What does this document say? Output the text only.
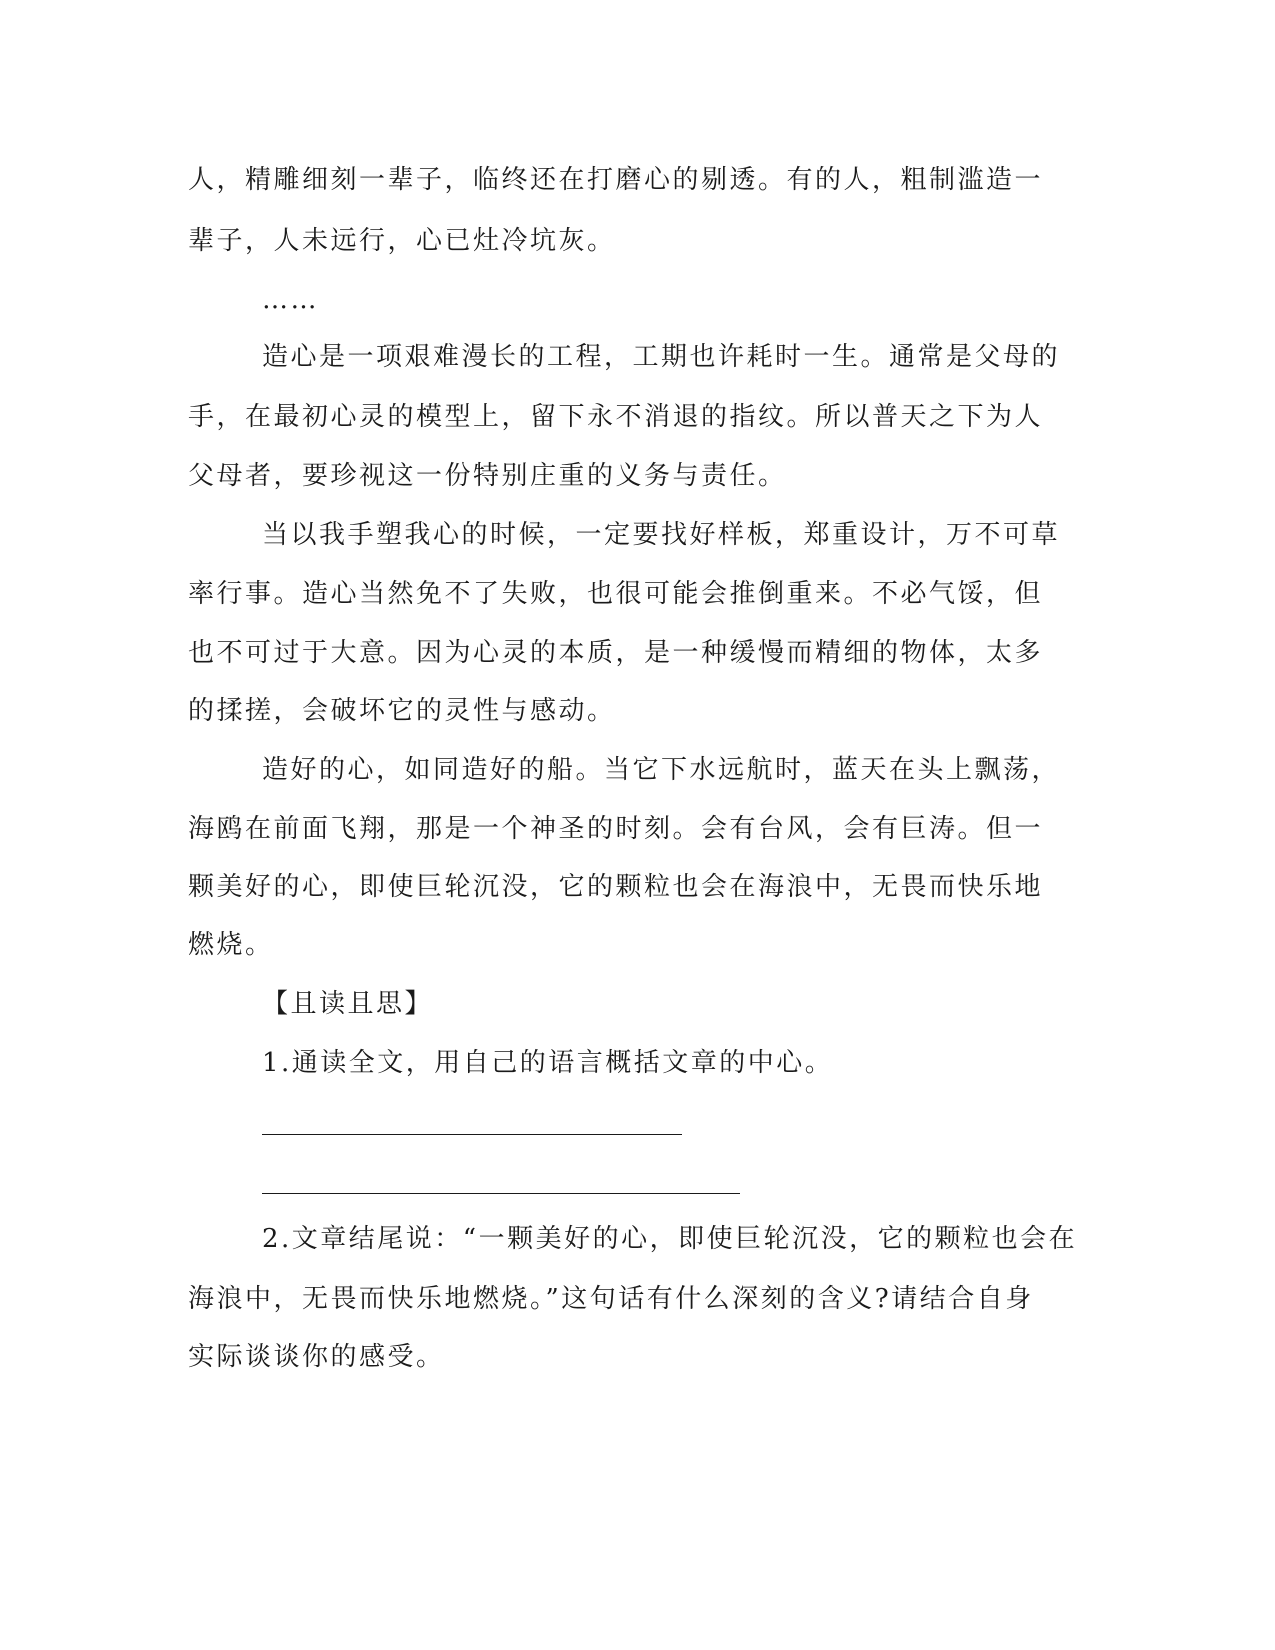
人，精雕细刻一辈子，临终还在打磨心的剔透。有的人，粗制滥造一
辈子，人未远行，心已灶冷坑灰。
……
造心是一项艰难漫长的工程，工期也许耗时一生。通常是父母的
手，在最初心灵的模型上，留下永不消退的指纹。所以普天之下为人
父母者，要珍视这一份特别庄重的义务与责任。
当以我手塑我心的时候，一定要找好样板，郑重设计，万不可草
率行事。造心当然免不了失败，也很可能会推倒重来。不必气馁，但
也不可过于大意。因为心灵的本质，是一种缓慢而精细的物体，太多
的揉搓，会破坏它的灵性与感动。
造好的心，如同造好的船。当它下水远航时，蓝天在头上飘荡，
海鸥在前面飞翔，那是一个神圣的时刻。会有台风，会有巨涛。但一
颗美好的心，即使巨轮沉没，它的颗粒也会在海浪中，无畏而快乐地
燃烧。
【且读且思】
1.通读全文，用自己的语言概括文章的中心。
2.文章结尾说：“一颗美好的心，即使巨轮沉没，它的颗粒也会在
海浪中，无畏而快乐地燃烧。”这句话有什么深刻的含义?请结合自身
实际谈谈你的感受。
